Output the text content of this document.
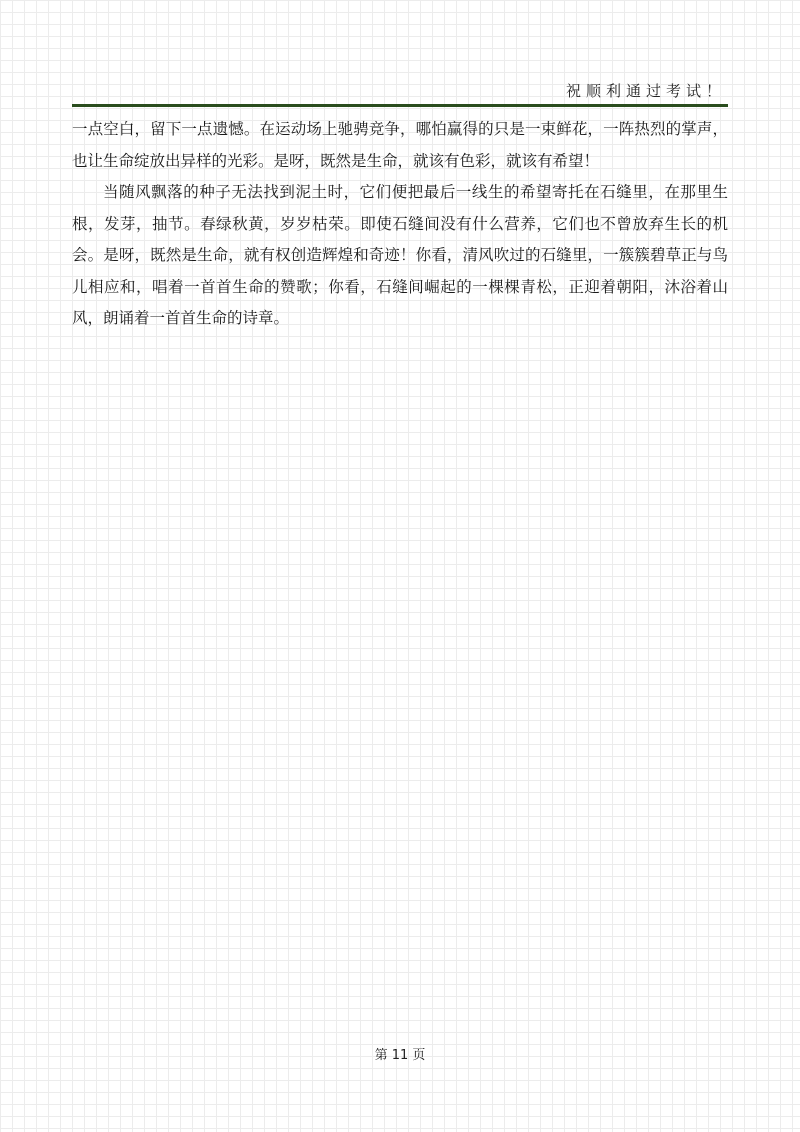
祝顺利通过考试！

一点空白，留下一点遗憾。在运动场上驰骋竞争，哪怕赢得的只是一束鲜花，一阵热烈的掌声，也让生命绽放出异样的光彩。是呀，既然是生命，就该有色彩，就该有希望！

当随风飘落的种子无法找到泥土时，它们便把最后一线生的希望寄托在石缝里，在那里生根，发芽，抽节。春绿秋黄，岁岁枯荣。即使石缝间没有什么营养，它们也不曾放弃生长的机会。是呀，既然是生命，就有权创造辉煌和奇迹！你看，清风吹过的石缝里，一簇簇碧草正与鸟儿相应和，唱着一首首生命的赞歌；你看，石缝间崛起的一棵棵青松，正迎着朝阳，沐浴着山风，朗诵着一首首生命的诗章。

第 11 页
